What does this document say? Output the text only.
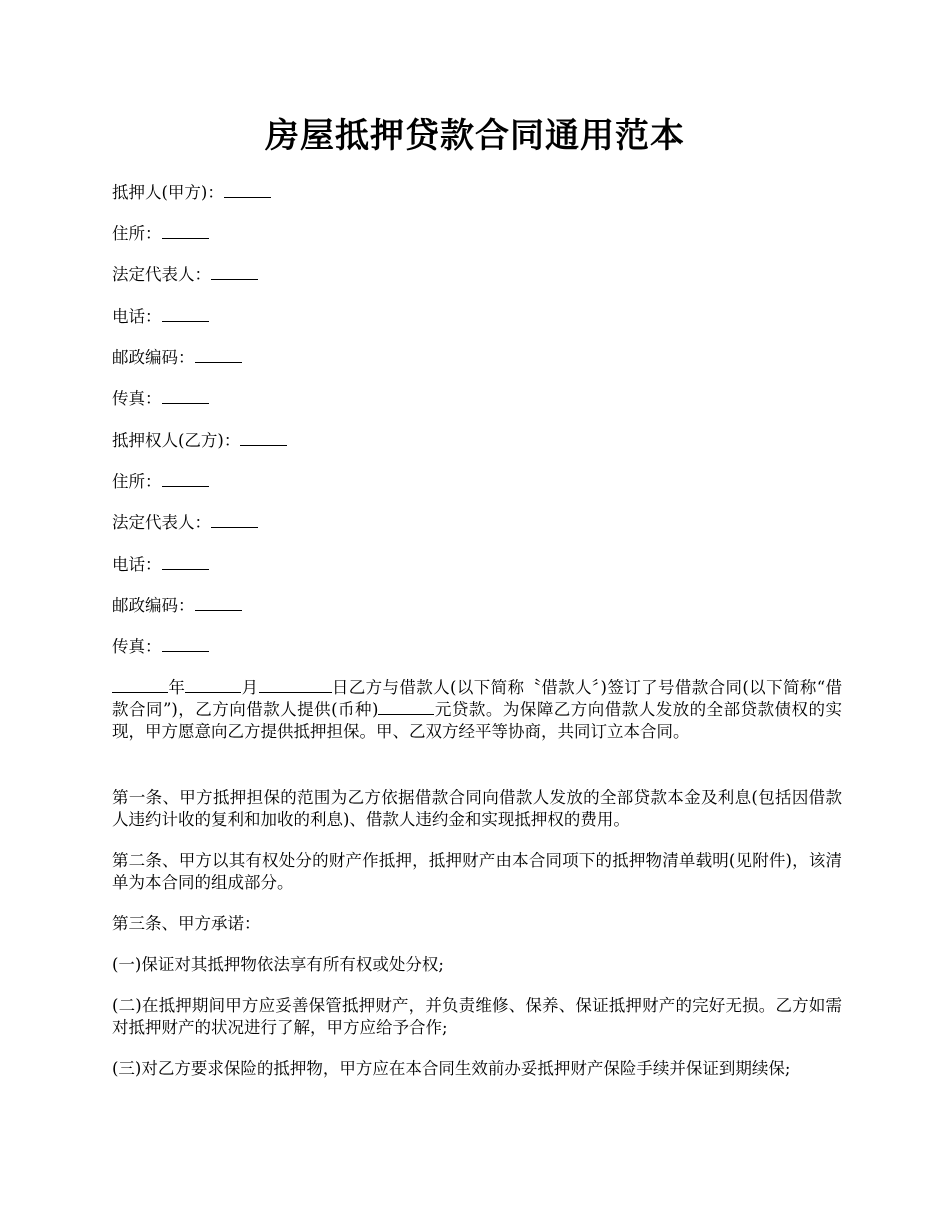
房屋抵押贷款合同通用范本
抵押人(甲方)：
住所：
法定代表人：
电话：
邮政编码：
传真：
抵押权人(乙方)：
住所：
法定代表人：
电话：
邮政编码：
传真：
年	月	日乙方与借款人(以下简称〝借款人〞)签订了号借款合同(以下简称“借款合同”)，乙方向借款人提供(币种)	元贷款。为保障乙方向借款人发放的全部贷款债权的实现，甲方愿意向乙方提供抵押担保。甲、乙双方经平等协商，共同订立本合同。
第一条、甲方抵押担保的范围为乙方依据借款合同向借款人发放的全部贷款本金及利息(包括因借款人违约计收的复利和加收的利息)、借款人违约金和实现抵押权的费用。
第二条、甲方以其有权处分的财产作抵押，抵押财产由本合同项下的抵押物清单载明(见附件)，该清单为本合同的组成部分。
第三条、甲方承诺：
(一)保证对其抵押物依法享有所有权或处分权;
(二)在抵押期间甲方应妥善保管抵押财产，并负责维修、保养、保证抵押财产的完好无损。乙方如需对抵押财产的状况进行了解，甲方应给予合作;
(三)对乙方要求保险的抵押物，甲方应在本合同生效前办妥抵押财产保险手续并保证到期续保;
